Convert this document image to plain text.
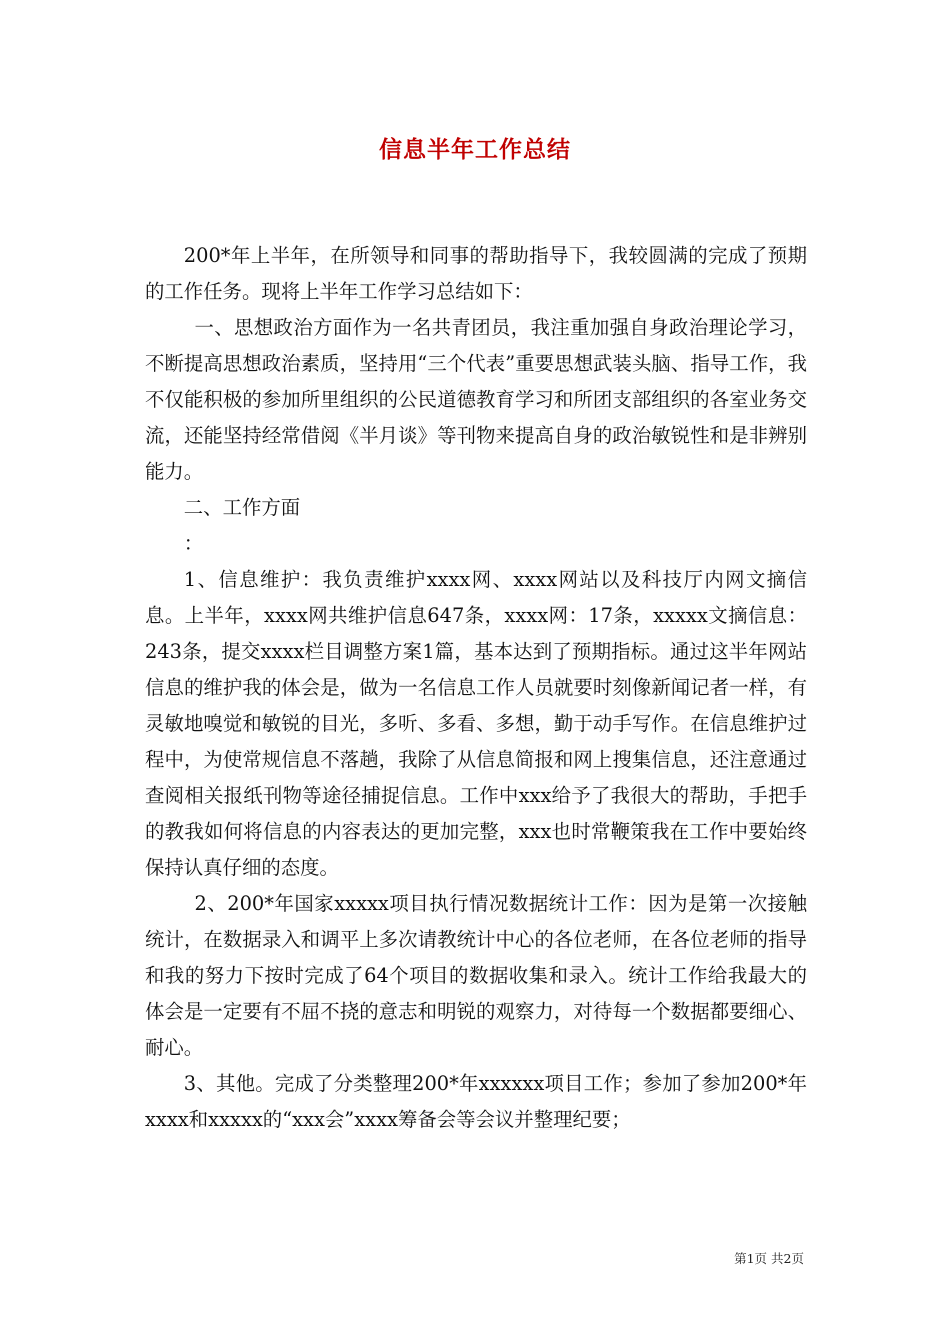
信息半年工作总结

200*年上半年，在所领导和同事的帮助指导下，我较圆满的完成了预期的工作任务。现将上半年工作学习总结如下：

一、思想政治方面作为一名共青团员，我注重加强自身政治理论学习，不断提高思想政治素质，坚持用“三个代表”重要思想武装头脑、指导工作，我不仅能积极的参加所里组织的公民道德教育学习和所团支部组织的各室业务交流，还能坚持经常借阅《半月谈》等刊物来提高自身的政治敏锐性和是非辨别能力。

二、工作方面

：

1、信息维护：我负责维护xxxx网、xxxx网站以及科技厅内网文摘信息。上半年，xxxx网共维护信息647条，xxxx网：17条，xxxxx文摘信息：243条，提交xxxx栏目调整方案1篇，基本达到了预期指标。通过这半年网站信息的维护我的体会是，做为一名信息工作人员就要时刻像新闻记者一样，有灵敏地嗅觉和敏锐的目光，多听、多看、多想，勤于动手写作。在信息维护过程中，为使常规信息不落趟，我除了从信息简报和网上搜集信息，还注意通过查阅相关报纸刊物等途径捕捉信息。工作中xxx给予了我很大的帮助，手把手的教我如何将信息的内容表达的更加完整，xxx也时常鞭策我在工作中要始终保持认真仔细的态度。

2、200*年国家xxxxx项目执行情况数据统计工作：因为是第一次接触统计，在数据录入和调平上多次请教统计中心的各位老师，在各位老师的指导和我的努力下按时完成了64个项目的数据收集和录入。统计工作给我最大的体会是一定要有不屈不挠的意志和明锐的观察力，对待每一个数据都要细心、耐心。

3、其他。完成了分类整理200*年xxxxxx项目工作；参加了参加200*年xxxx和xxxxx的“xxx会”xxxx筹备会等会议并整理纪要；

第1页 共2页
